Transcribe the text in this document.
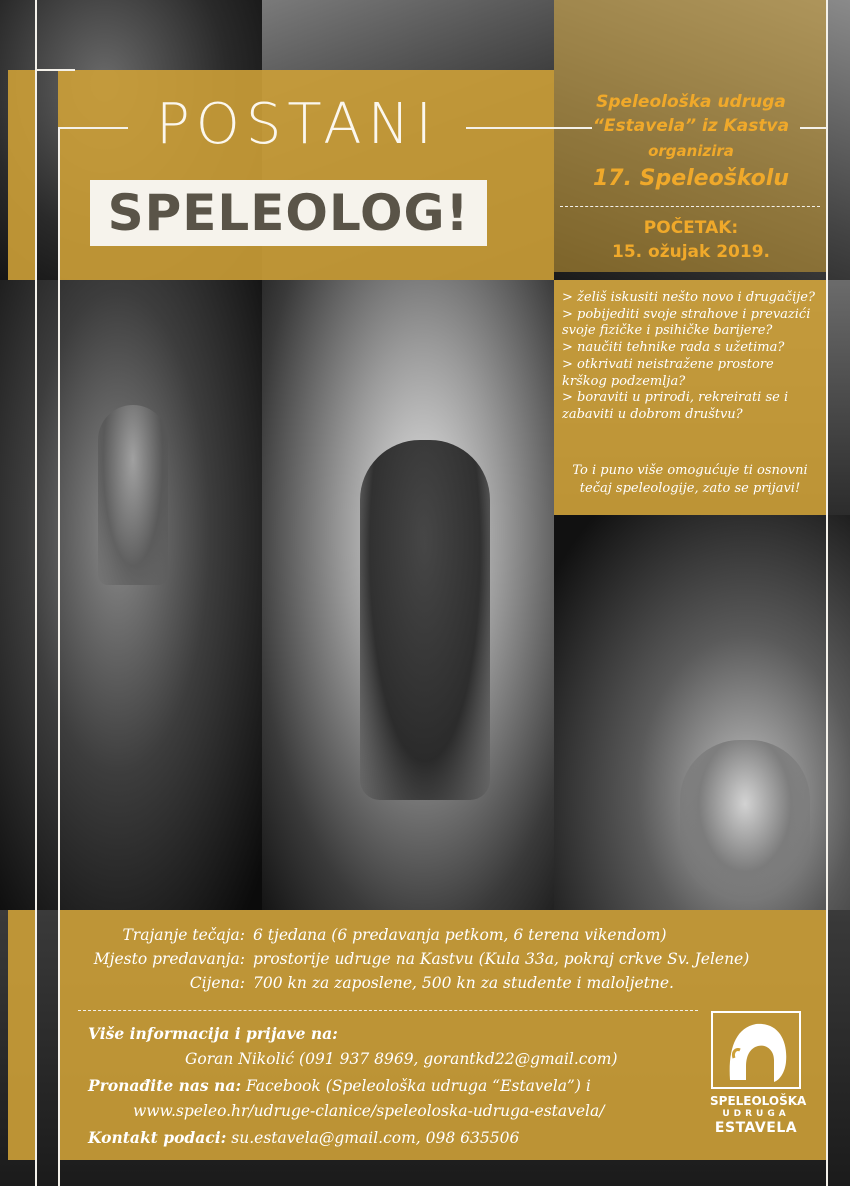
POSTANI
SPELEOLOG!
Speleološka udruga
“Estavela” iz Kastva
organizira
17. Speleoškolu
POČETAK:
15. ožujak 2019.
> želiš iskusiti nešto novo i drugačije?
> pobijediti svoje strahove i prevazići
svoje fizičke i psihičke barijere?
> naučiti tehnike rada s užetima?
> otkrivati neistražene prostore
krškog podzemlja?
> boraviti u prirodi, rekreirati se i
zabaviti u dobrom društvu?
To i puno više omogućuje ti osnovni
tečaj speleologije, zato se prijavi!
Trajanje tečaja: 6 tjedana (6 predavanja petkom, 6 terena vikendom)
Mjesto predavanja: prostorije udruge na Kastvu (Kula 33a, pokraj crkve Sv. Jelene)
Cijena: 700 kn za zaposlene, 500 kn za studente i maloljetne.
Više informacija i prijave na:
Goran Nikolić (091 937 8969, gorantkd22@gmail.com)
Pronađite nas na: Facebook (Speleološka udruga “Estavela”) i
www.speleo.hr/udruge-clanice/speleoloska-udruga-estavela/
Kontakt podaci: su.estavela@gmail.com, 098 635506
SPELEOLOŠKA
UDRUGA
ESTAVELA
